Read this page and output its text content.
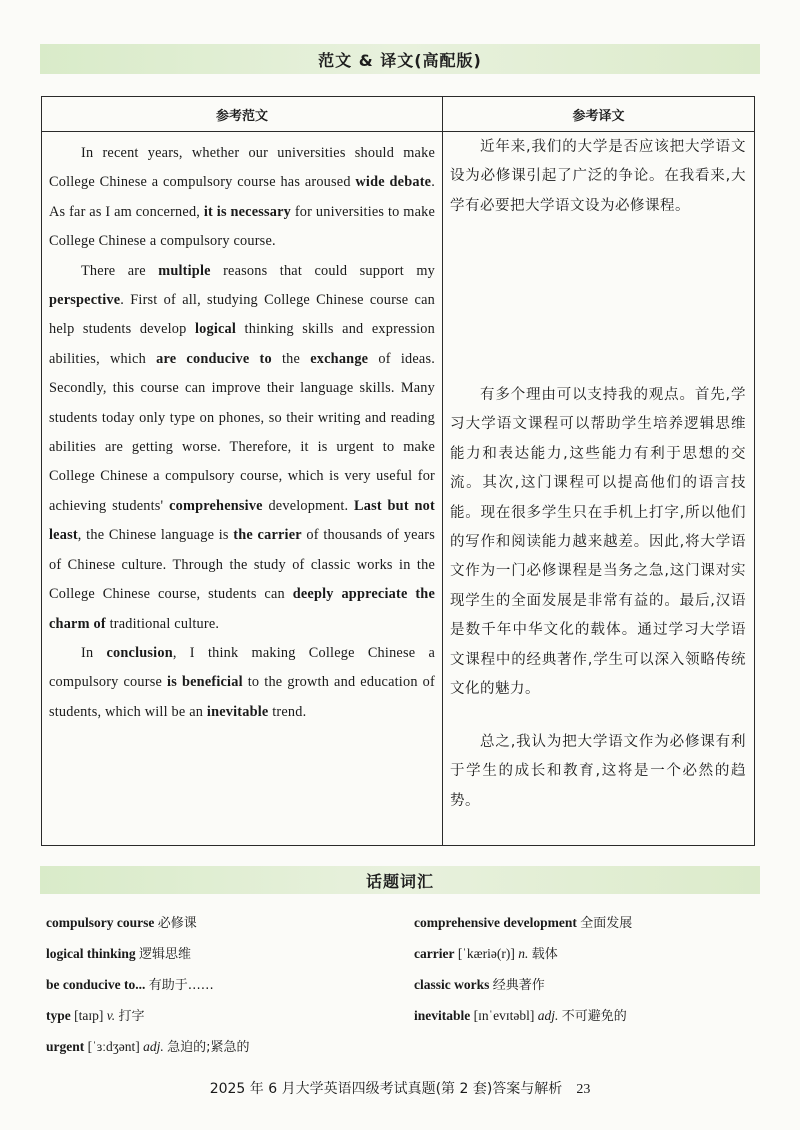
范文 & 译文(高配版)
参考范文	参考译文

In recent years, whether our universities should make College Chinese a compulsory course has aroused wide debate. As far as I am concerned, it is necessary for universities to make College Chinese a compulsory course.

There are multiple reasons that could support my perspective. First of all, studying College Chinese course can help students develop logical thinking skills and expression abilities, which are conducive to the exchange of ideas. Secondly, this course can improve their language skills. Many students today only type on phones, so their writing and reading abilities are getting worse. Therefore, it is urgent to make College Chinese a compulsory course, which is very useful for achieving students' comprehensive development. Last but not least, the Chinese language is the carrier of thousands of years of Chinese culture. Through the study of classic works in the College Chinese course, students can deeply appreciate the charm of traditional culture.

In conclusion, I think making College Chinese a compulsory course is beneficial to the growth and education of students, which will be an inevitable trend.

近年来,我们的大学是否应该把大学语文设为必修课引起了广泛的争论。在我看来,大学有必要把大学语文设为必修课程。

有多个理由可以支持我的观点。首先,学习大学语文课程可以帮助学生培养逻辑思维能力和表达能力,这些能力有利于思想的交流。其次,这门课程可以提高他们的语言技能。现在很多学生只在手机上打字,所以他们的写作和阅读能力越来越差。因此,将大学语文作为一门必修课程是当务之急,这门课对实现学生的全面发展是非常有益的。最后,汉语是数千年中华文化的载体。通过学习大学语文课程中的经典著作,学生可以深入领略传统文化的魅力。

总之,我认为把大学语文作为必修课有利于学生的成长和教育,这将是一个必然的趋势。

话题词汇
compulsory course 必修课
logical thinking 逻辑思维
be conducive to... 有助于……
type [taɪp] v. 打字
urgent [ˈɜːdʒənt] adj. 急迫的;紧急的
comprehensive development 全面发展
carrier [ˈkæriə(r)] n. 载体
classic works 经典著作
inevitable [ɪnˈevɪtəbl] adj. 不可避免的
2025 年 6 月大学英语四级考试真题(第 2 套)答案与解析 23
